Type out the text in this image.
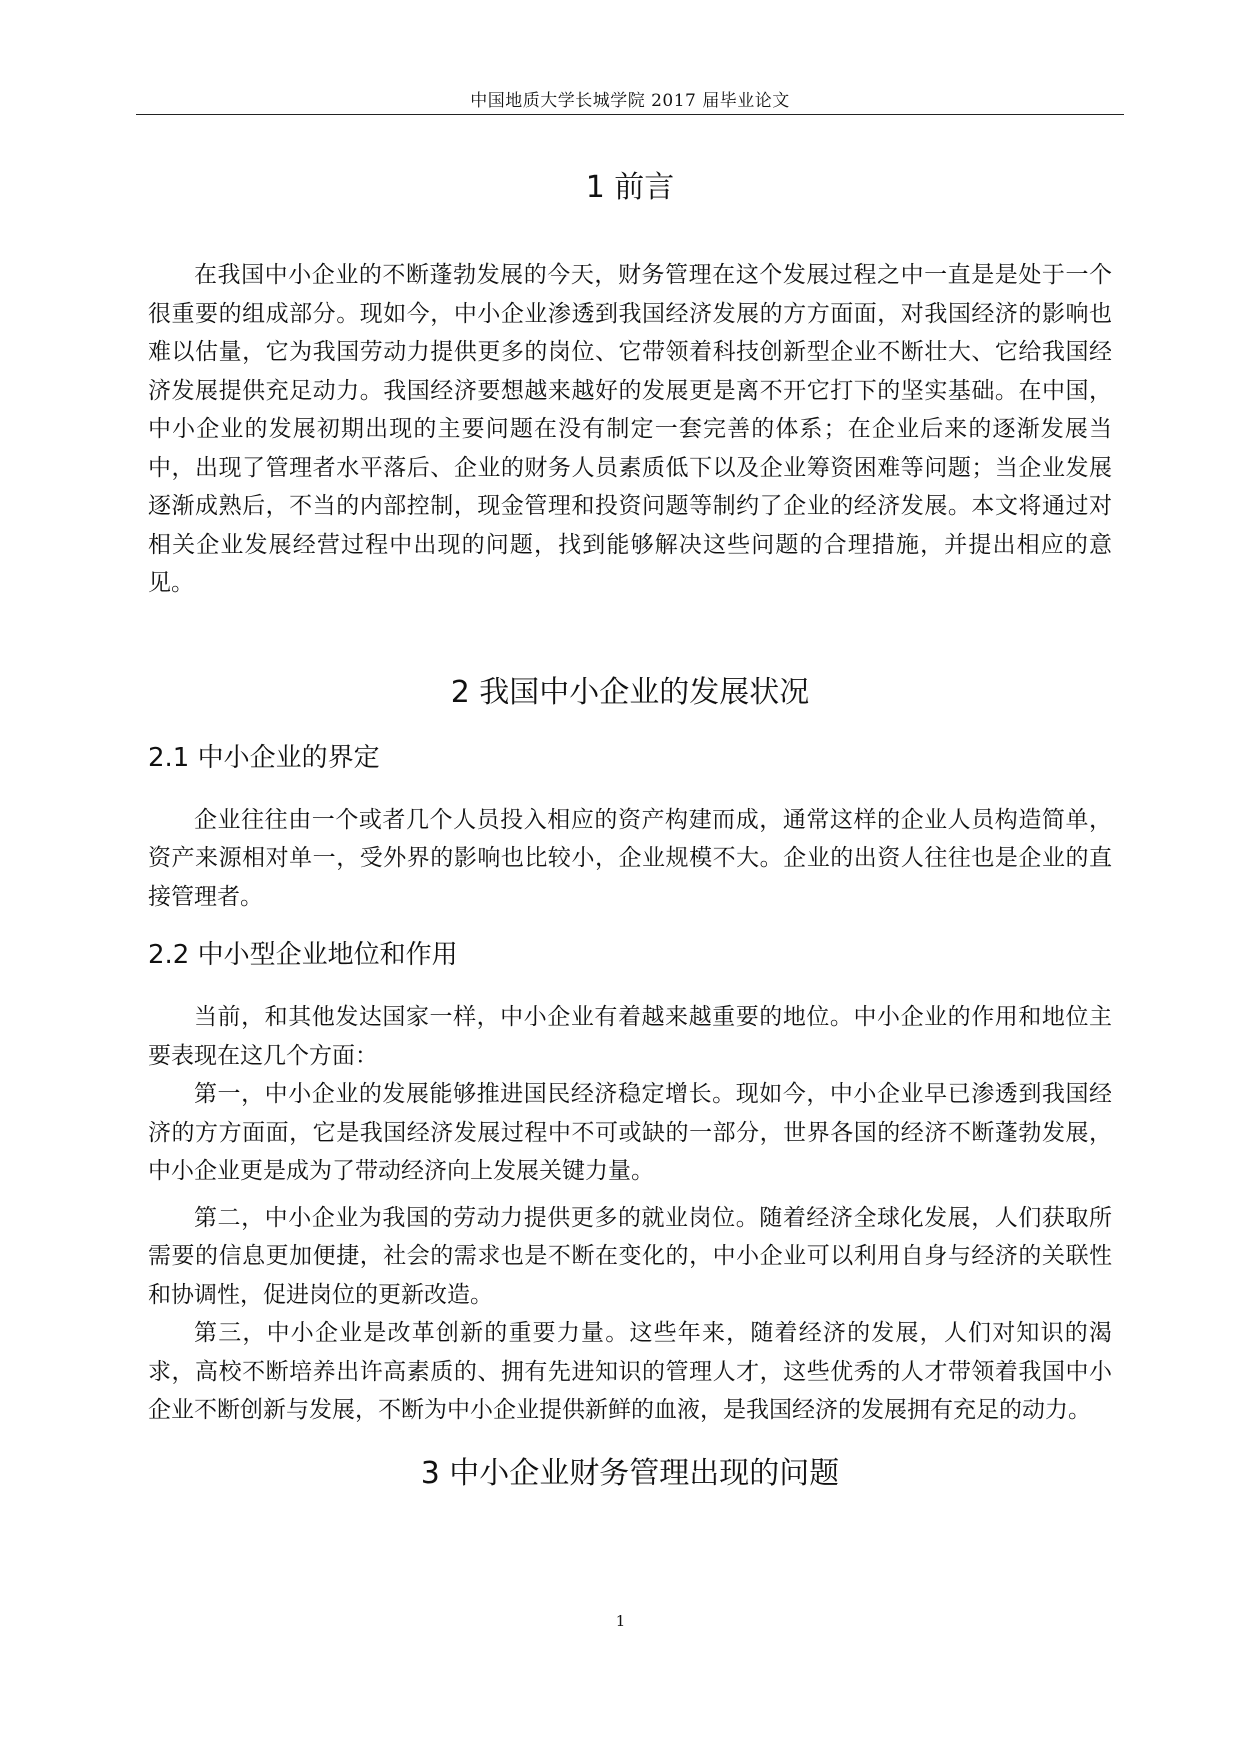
中国地质大学长城学院 2017 届毕业论文
1 前言

在我国中小企业的不断蓬勃发展的今天，财务管理在这个发展过程之中一直是是处于一个很重要的组成部分。现如今，中小企业渗透到我国经济发展的方方面面，对我国经济的影响也难以估量，它为我国劳动力提供更多的岗位、它带领着科技创新型企业不断壮大、它给我国经济发展提供充足动力。我国经济要想越来越好的发展更是离不开它打下的坚实基础。在中国，中小企业的发展初期出现的主要问题在没有制定一套完善的体系；在企业后来的逐渐发展当中，出现了管理者水平落后、企业的财务人员素质低下以及企业筹资困难等问题；当企业发展逐渐成熟后，不当的内部控制，现金管理和投资问题等制约了企业的经济发展。本文将通过对相关企业发展经营过程中出现的问题，找到能够解决这些问题的合理措施，并提出相应的意见。

2 我国中小企业的发展状况
2.1 中小企业的界定

企业往往由一个或者几个人员投入相应的资产构建而成，通常这样的企业人员构造简单，资产来源相对单一，受外界的影响也比较小，企业规模不大。企业的出资人往往也是企业的直接管理者。

2.2 中小型企业地位和作用

当前，和其他发达国家一样，中小企业有着越来越重要的地位。中小企业的作用和地位主要表现在这几个方面：

第一，中小企业的发展能够推进国民经济稳定增长。现如今，中小企业早已渗透到我国经济的方方面面，它是我国经济发展过程中不可或缺的一部分，世界各国的经济不断蓬勃发展，中小企业更是成为了带动经济向上发展关键力量。

第二，中小企业为我国的劳动力提供更多的就业岗位。随着经济全球化发展，人们获取所需要的信息更加便捷，社会的需求也是不断在变化的，中小企业可以利用自身与经济的关联性和协调性，促进岗位的更新改造。

第三，中小企业是改革创新的重要力量。这些年来，随着经济的发展，人们对知识的渴求，高校不断培养出许高素质的、拥有先进知识的管理人才，这些优秀的人才带领着我国中小企业不断创新与发展，不断为中小企业提供新鲜的血液，是我国经济的发展拥有充足的动力。

3 中小企业财务管理出现的问题
1
